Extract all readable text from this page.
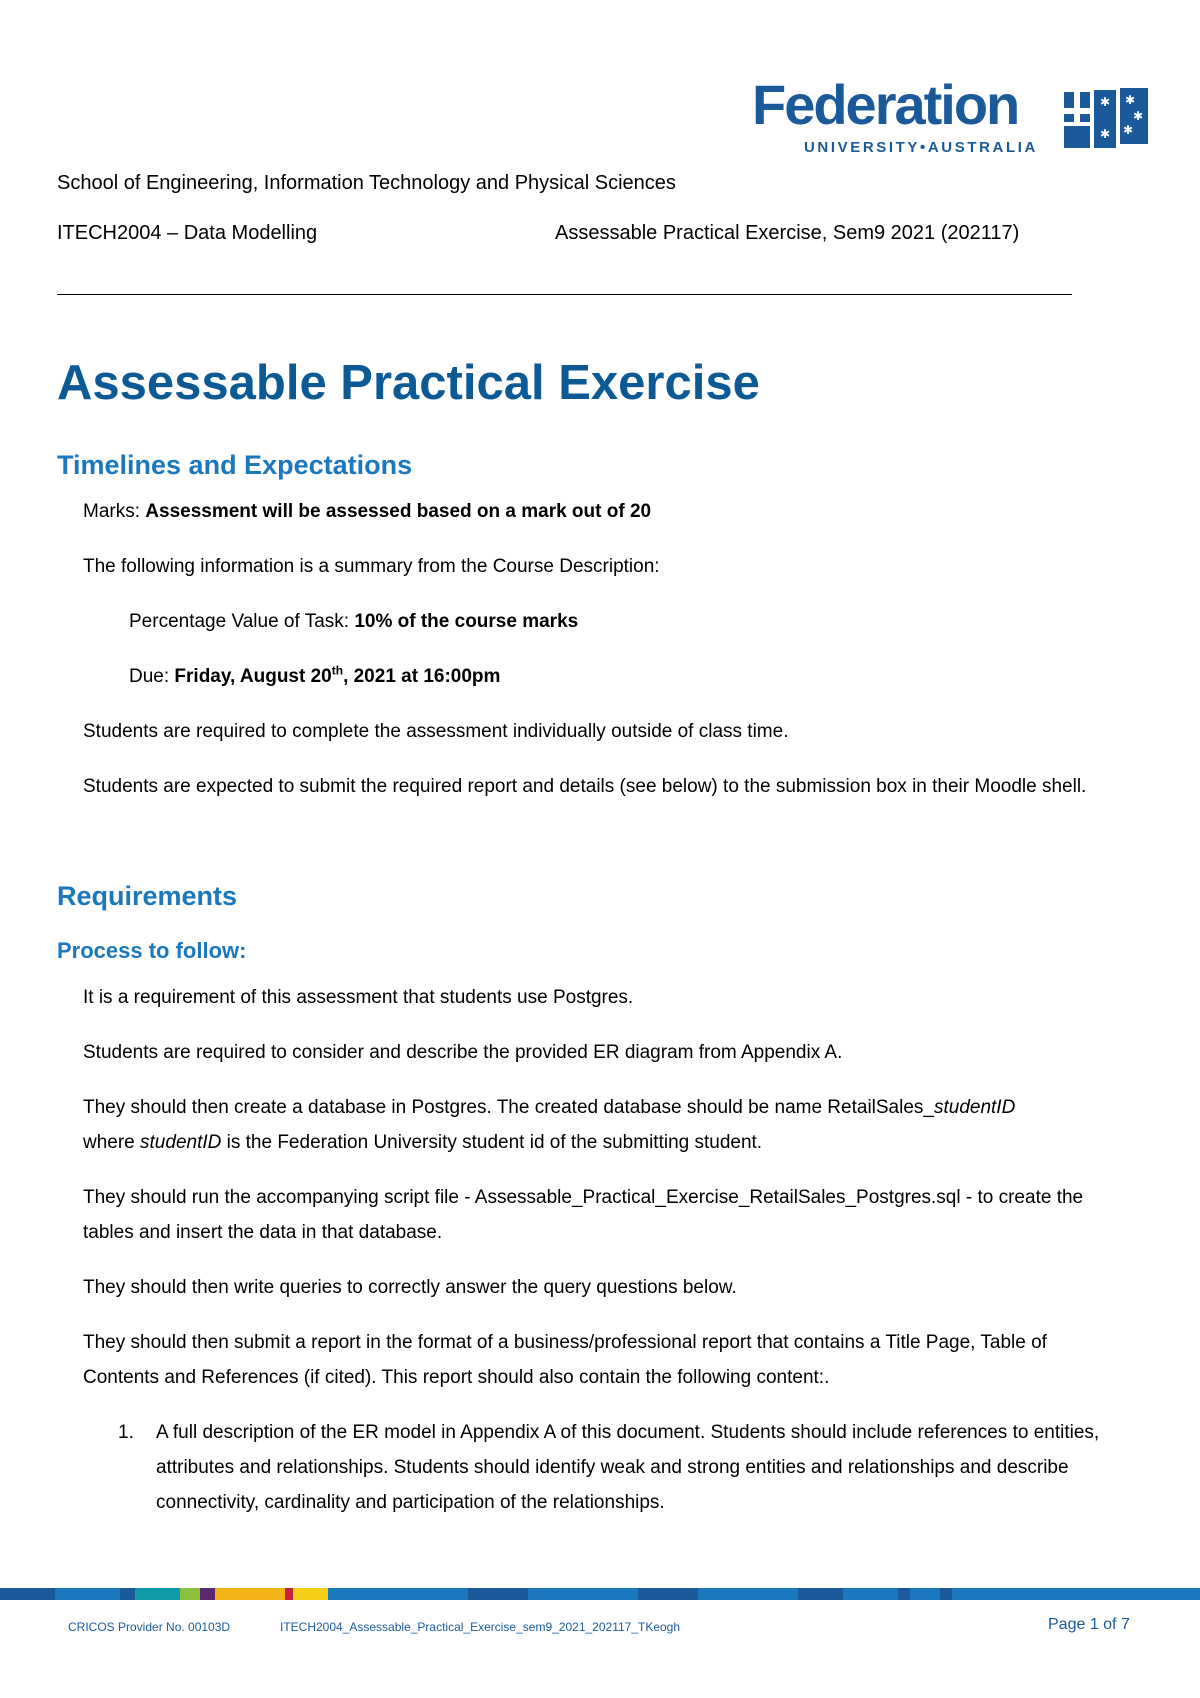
Federation
UNIVERSITY•AUSTRALIA
✱
✱
✱
✱
✱
School of Engineering, Information Technology and Physical Sciences
ITECH2004 – Data Modelling	Assessable Practical Exercise, Sem9 2021 (202117)
Assessable Practical Exercise
Timelines and Expectations
Marks: Assessment will be assessed based on a mark out of 20
The following information is a summary from the Course Description:
Percentage Value of Task: 10% of the course marks
Due: Friday, August 20th, 2021 at 16:00pm
Students are required to complete the assessment individually outside of class time.
Students are expected to submit the required report and details (see below) to the submission box in their Moodle shell.
Requirements
Process to follow:
It is a requirement of this assessment that students use Postgres.
Students are required to consider and describe the provided ER diagram from Appendix A.
They should then create a database in Postgres. The created database should be name RetailSales_studentID
where studentID is the Federation University student id of the submitting student.
They should run the accompanying script file - Assessable_Practical_Exercise_RetailSales_Postgres.sql - to create the tables and insert the data in that database.
They should then write queries to correctly answer the query questions below.
They should then submit a report in the format of a business/professional report that contains a Title Page, Table of Contents and References (if cited). This report should also contain the following content:.
1. A full description of the ER model in Appendix A of this document. Students should include references to entities, attributes and relationships. Students should identify weak and strong entities and relationships and describe connectivity, cardinality and participation of the relationships.
CRICOS Provider No. 00103D	ITECH2004_Assessable_Practical_Exercise_sem9_2021_202117_TKeogh	Page 1 of 7
